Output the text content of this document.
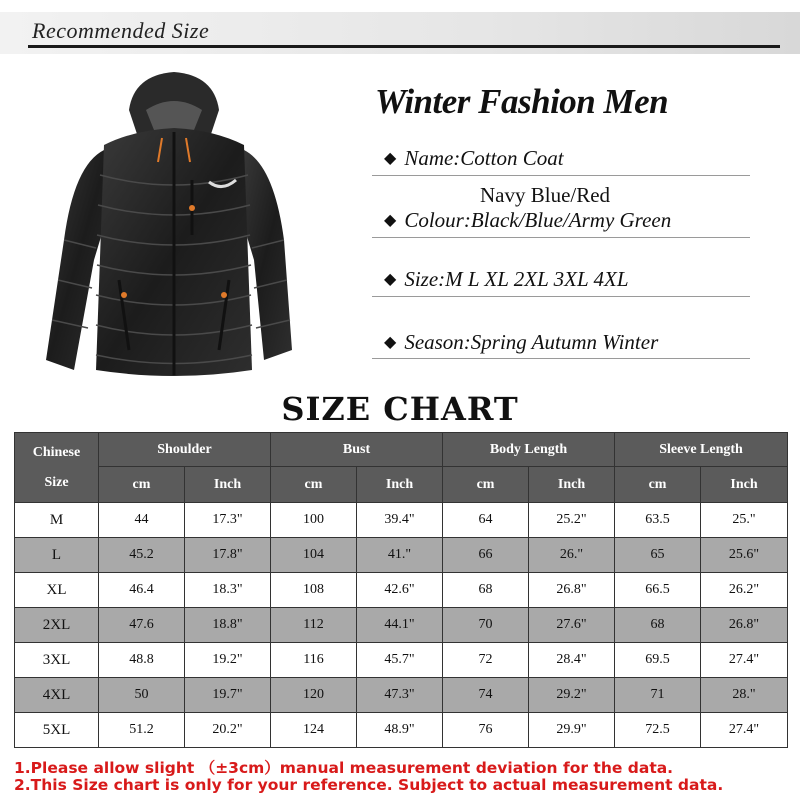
Recommended Size
Winter Fashion Men
◆ Name:Cotton Coat
Navy Blue/Red
◆ Colour:Black/Blue/Army Green
◆ Size:M L XL 2XL 3XL 4XL
◆ Season:Spring Autumn Winter
SIZE CHART
Chinese
Size	Shoulder		Bust		Body Length		Sleeve Length	
	cm	Inch	cm	Inch	cm	Inch	cm	Inch
M	44	17.3"	100	39.4"	64	25.2"	63.5	25."
L	45.2	17.8"	104	41."	66	26."	65	25.6"
XL	46.4	18.3"	108	42.6"	68	26.8"	66.5	26.2"
2XL	47.6	18.8"	112	44.1"	70	27.6"	68	26.8"
3XL	48.8	19.2"	116	45.7"	72	28.4"	69.5	27.4"
4XL	50	19.7"	120	47.3"	74	29.2"	71	28."
5XL	51.2	20.2"	124	48.9"	76	29.9"	72.5	27.4"
1.Please allow slight （±3cm）manual measurement deviation for the data.
2.This Size chart is only for your reference. Subject to actual measurement data.
